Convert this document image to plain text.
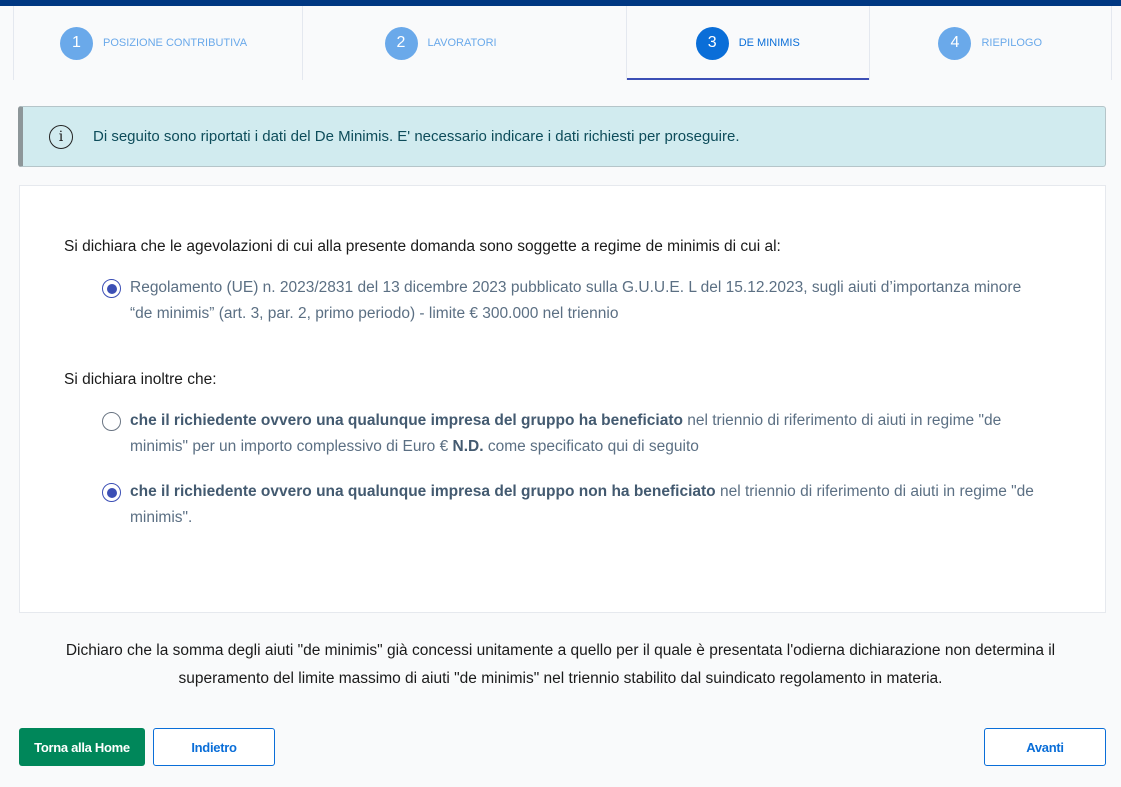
1	POSIZIONE CONTRIBUTIVA	2	LAVORATORI	3	DE MINIMIS	4	RIEPILOGO
i	Di seguito sono riportati i dati del De Minimis. E' necessario indicare i dati richiesti per proseguire.
Si dichiara che le agevolazioni di cui alla presente domanda sono soggette a regime de minimis di cui al:
Regolamento (UE) n. 2023/2831 del 13 dicembre 2023 pubblicato sulla G.U.U.E. L del 15.12.2023, sugli aiuti d’importanza minore “de minimis” (art. 3, par. 2, primo periodo) - limite € 300.000 nel triennio
Si dichiara inoltre che:
che il richiedente ovvero una qualunque impresa del gruppo ha beneficiato nel triennio di riferimento di aiuti in regime "de minimis" per un importo complessivo di Euro € N.D. come specificato qui di seguito
che il richiedente ovvero una qualunque impresa del gruppo non ha beneficiato nel triennio di riferimento di aiuti in regime "de minimis".
Dichiaro che la somma degli aiuti "de minimis" già concessi unitamente a quello per il quale è presentata l'odierna dichiarazione non determina il superamento del limite massimo di aiuti "de minimis" nel triennio stabilito dal suindicato regolamento in materia.
Torna alla Home	Indietro	Avanti
